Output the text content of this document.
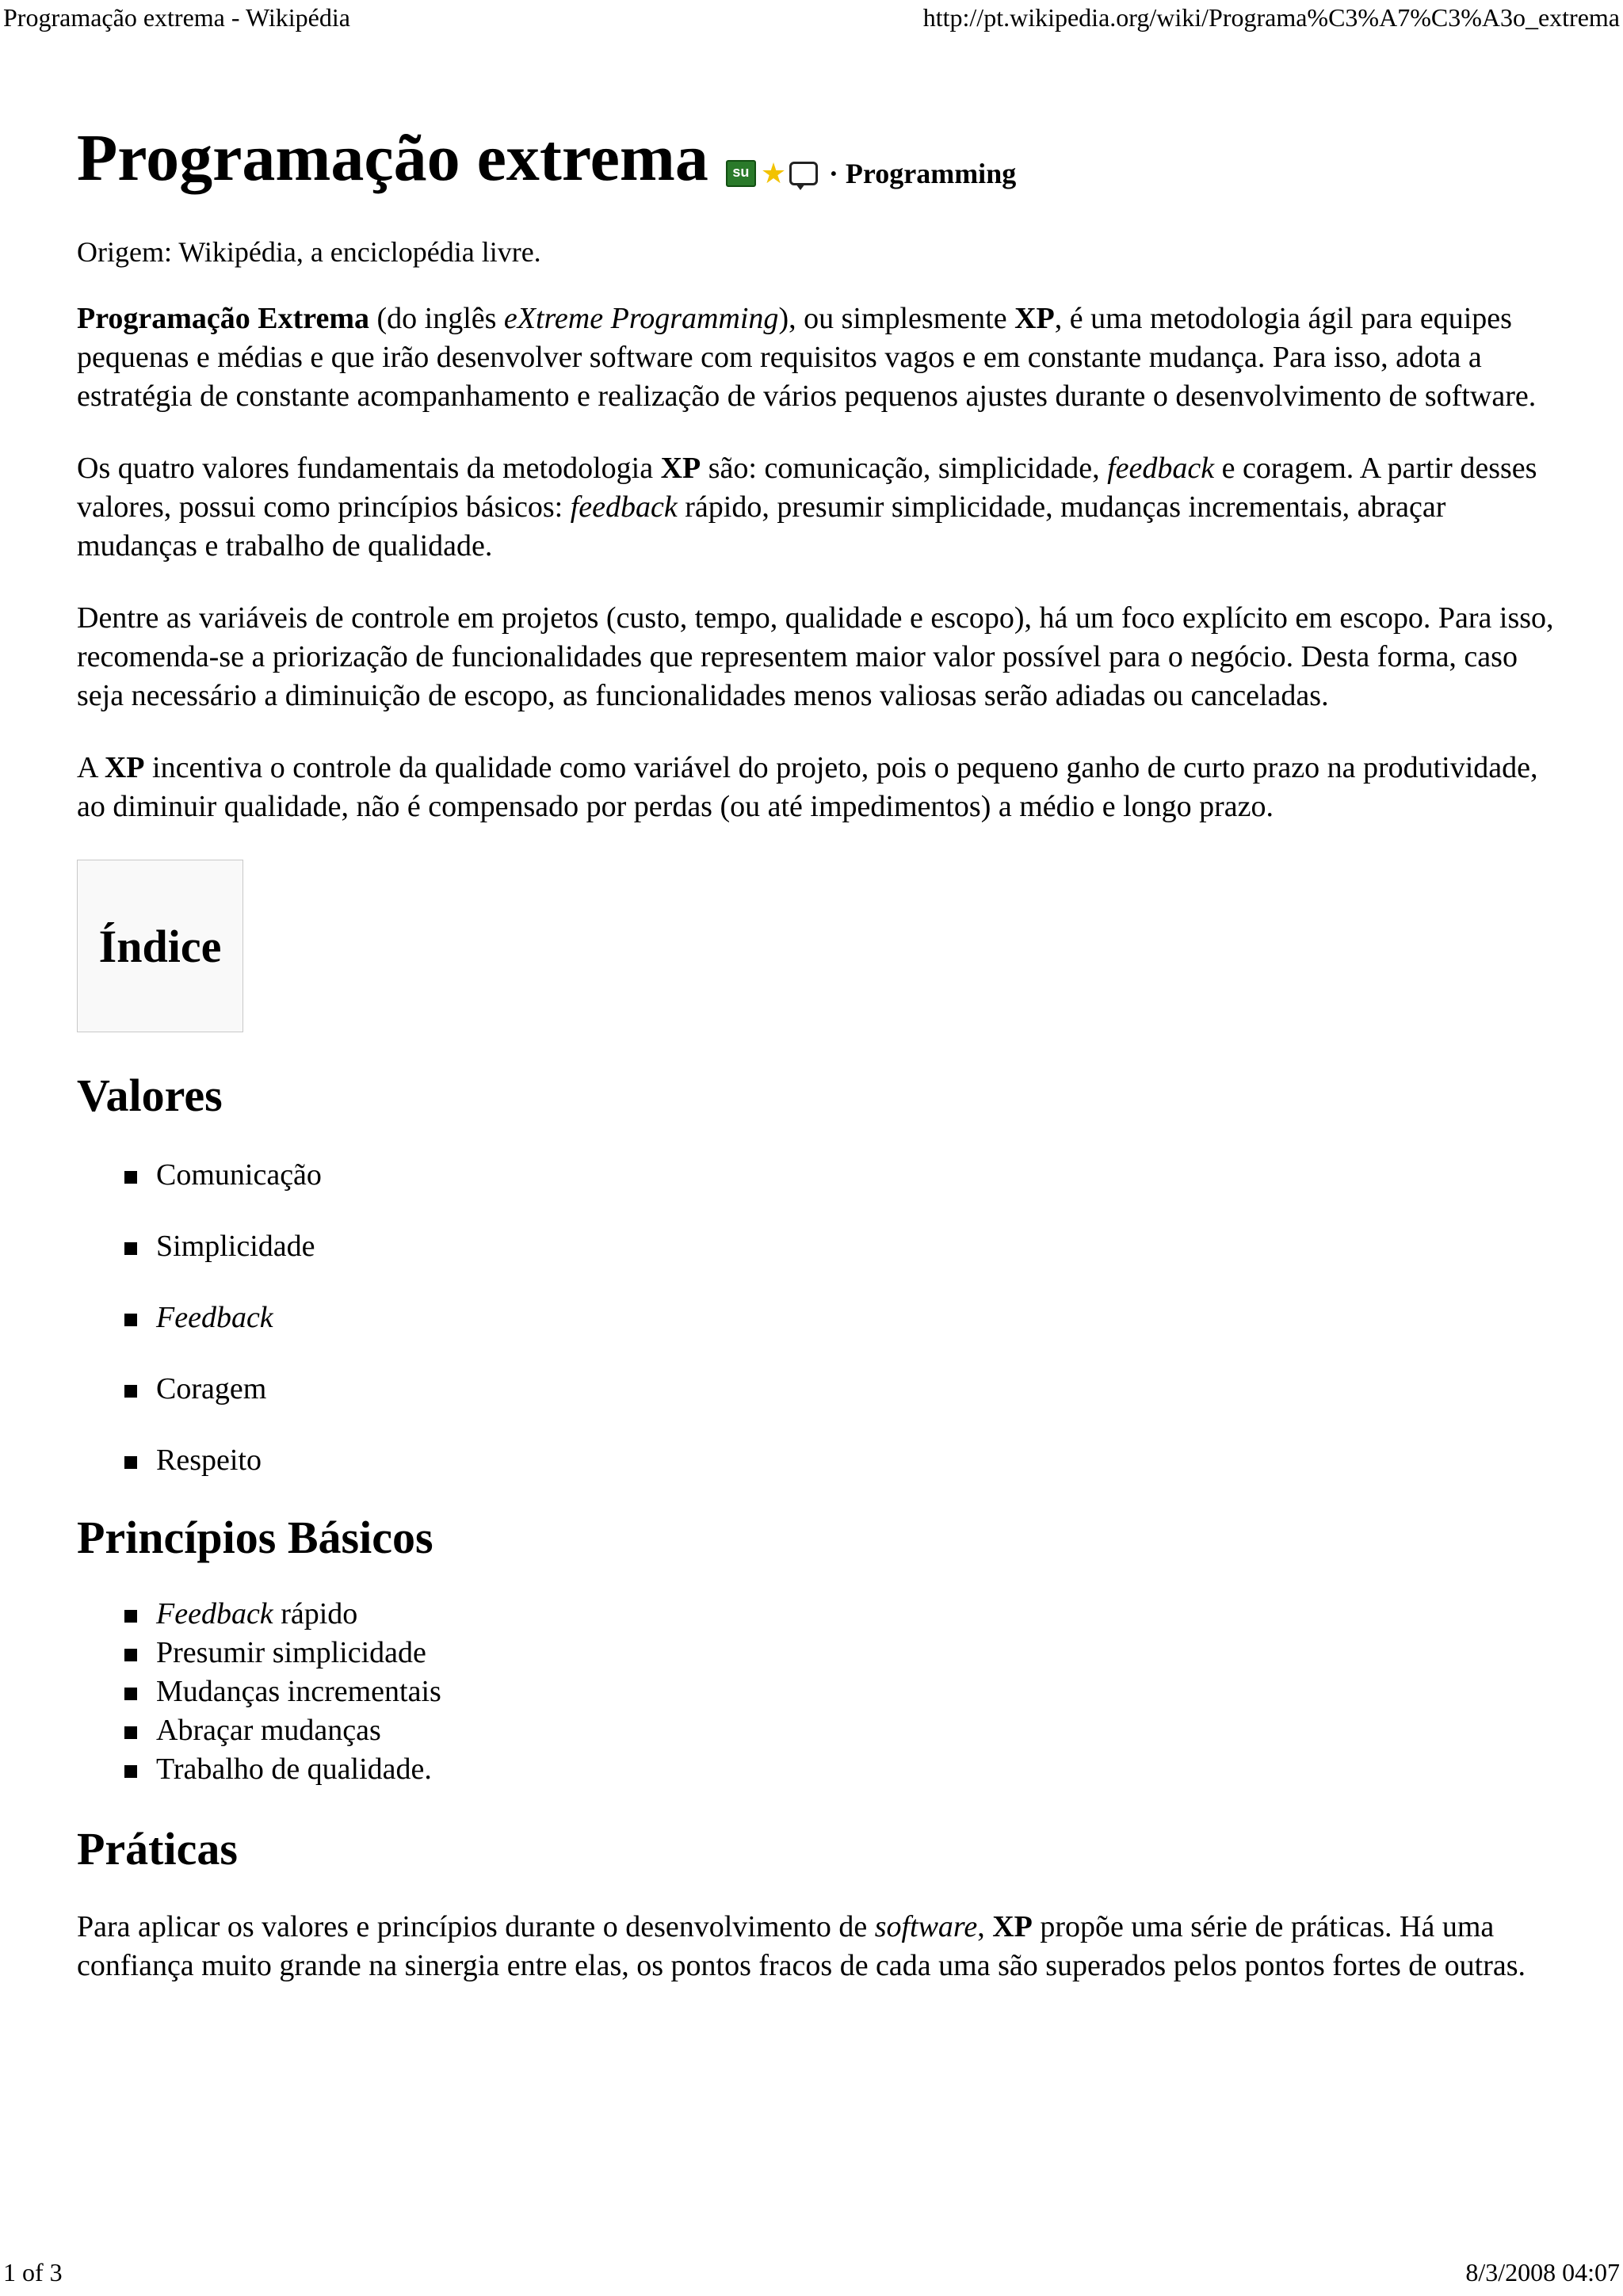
Programação extrema - Wikipédia	http://pt.wikipedia.org/wiki/Programa%C3%A7%C3%A3o_extrema
Programação extrema	su ★ · Programming
Origem: Wikipédia, a enciclopédia livre.

Programação Extrema (do inglês eXtreme Programming), ou simplesmente XP, é uma metodologia ágil para equipes pequenas e médias e que irão desenvolver software com requisitos vagos e em constante mudança. Para isso, adota a estratégia de constante acompanhamento e realização de vários pequenos ajustes durante o desenvolvimento de software.

Os quatro valores fundamentais da metodologia XP são: comunicação, simplicidade, feedback e coragem. A partir desses valores, possui como princípios básicos: feedback rápido, presumir simplicidade, mudanças incrementais, abraçar mudanças e trabalho de qualidade.

Dentre as variáveis de controle em projetos (custo, tempo, qualidade e escopo), há um foco explícito em escopo. Para isso, recomenda-se a priorização de funcionalidades que representem maior valor possível para o negócio. Desta forma, caso seja necessário a diminuição de escopo, as funcionalidades menos valiosas serão adiadas ou canceladas.

A XP incentiva o controle da qualidade como variável do projeto, pois o pequeno ganho de curto prazo na produtividade, ao diminuir qualidade, não é compensado por perdas (ou até impedimentos) a médio e longo prazo.

Índice
Valores
Comunicação
Simplicidade
Feedback
Coragem
Respeito
Princípios Básicos
Feedback rápido
Presumir simplicidade
Mudanças incrementais
Abraçar mudanças
Trabalho de qualidade.
Práticas

Para aplicar os valores e princípios durante o desenvolvimento de software, XP propõe uma série de práticas. Há uma confiança muito grande na sinergia entre elas, os pontos fracos de cada uma são superados pelos pontos fortes de outras.

1 of 3	8/3/2008 04:07
